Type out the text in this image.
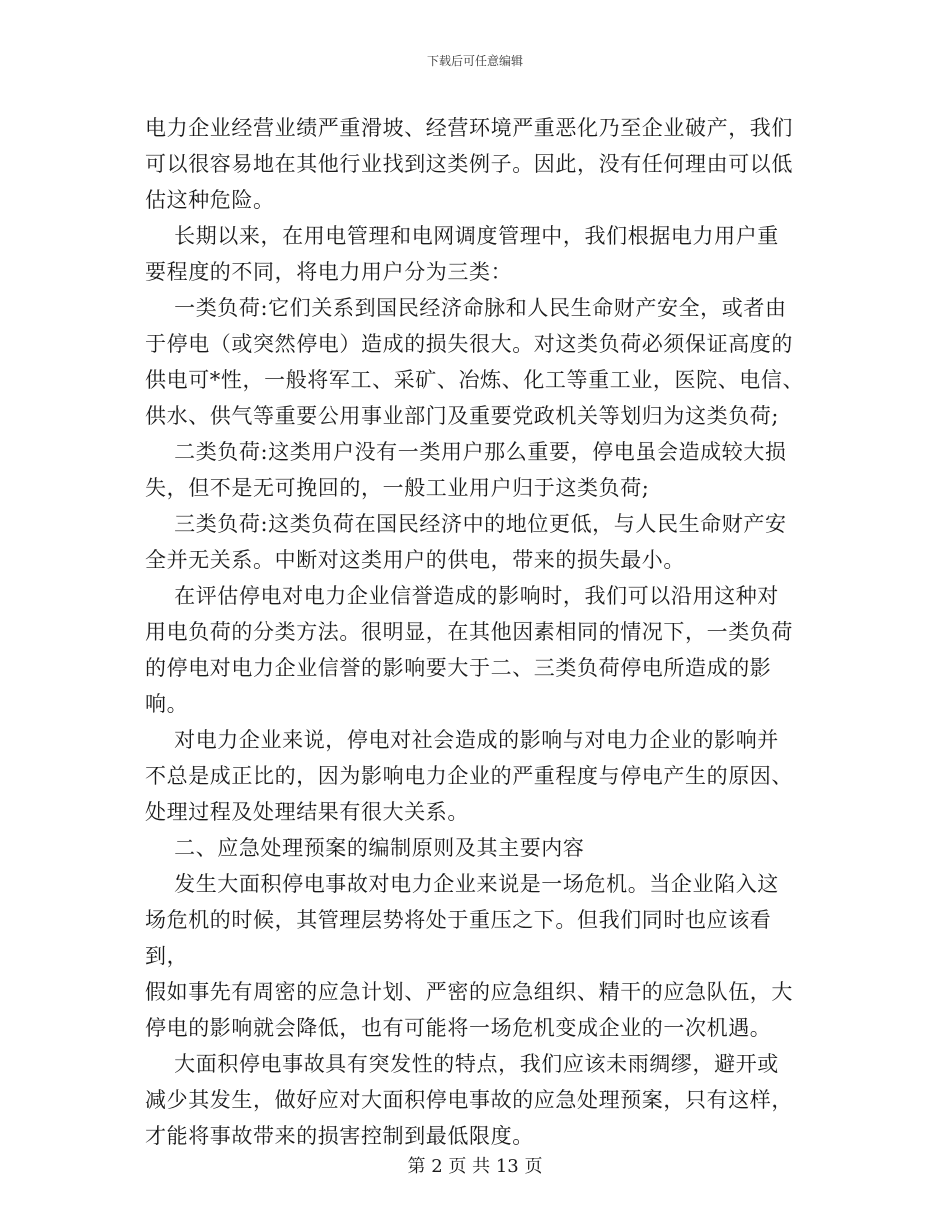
下载后可任意编辑

电力企业经营业绩严重滑坡、经营环境严重恶化乃至企业破产，我们
可以很容易地在其他行业找到这类例子。因此，没有任何理由可以低
估这种危险。

长期以来，在用电管理和电网调度管理中，我们根据电力用户重
要程度的不同，将电力用户分为三类：

一类负荷:它们关系到国民经济命脉和人民生命财产安全，或者由
于停电（或突然停电）造成的损失很大。对这类负荷必须保证高度的
供电可*性，一般将军工、采矿、冶炼、化工等重工业，医院、电信、
供水、供气等重要公用事业部门及重要党政机关等划归为这类负荷;

二类负荷:这类用户没有一类用户那么重要，停电虽会造成较大损
失，但不是无可挽回的，一般工业用户归于这类负荷;

三类负荷:这类负荷在国民经济中的地位更低，与人民生命财产安
全并无关系。中断对这类用户的供电，带来的损失最小。

在评估停电对电力企业信誉造成的影响时，我们可以沿用这种对
用电负荷的分类方法。很明显，在其他因素相同的情况下，一类负荷
的停电对电力企业信誉的影响要大于二、三类负荷停电所造成的影响。

对电力企业来说，停电对社会造成的影响与对电力企业的影响并
不总是成正比的，因为影响电力企业的严重程度与停电产生的原因、
处理过程及处理结果有很大关系。

二、应急处理预案的编制原则及其主要内容

发生大面积停电事故对电力企业来说是一场危机。当企业陷入这
场危机的时候，其管理层势将处于重压之下。但我们同时也应该看到，
假如事先有周密的应急计划、严密的应急组织、精干的应急队伍，大
停电的影响就会降低，也有可能将一场危机变成企业的一次机遇。

大面积停电事故具有突发性的特点，我们应该未雨绸缪，避开或
减少其发生，做好应对大面积停电事故的应急处理预案，只有这样，
才能将事故带来的损害控制到最低限度。

第 2 页 共 13 页
